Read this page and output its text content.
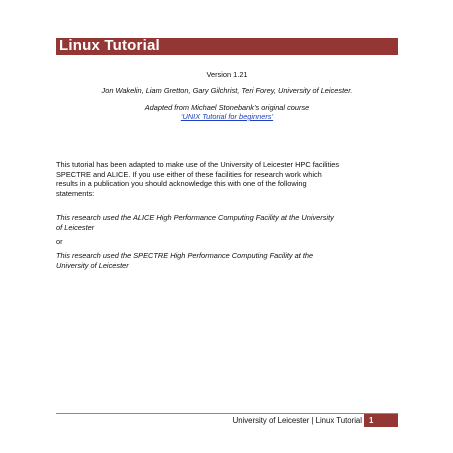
Linux Tutorial
Version 1.21
Jon Wakelin, Liam Gretton, Gary Gilchrist, Teri Forey, University of Leicester.
Adapted from Michael Stonebank’s original course
‘UNIX Tutorial for beginners’
This tutorial has been adapted to make use of the University of Leicester HPC facilities
SPECTRE and ALICE. If you use either of these facilities for research work which
results in a publication you should acknowledge this with one of the following
statements:
This research used the ALICE High Performance Computing Facility at the University
of Leicester
or
This research used the SPECTRE High Performance Computing Facility at the
University of Leicester
University of Leicester | Linux Tutorial 1
